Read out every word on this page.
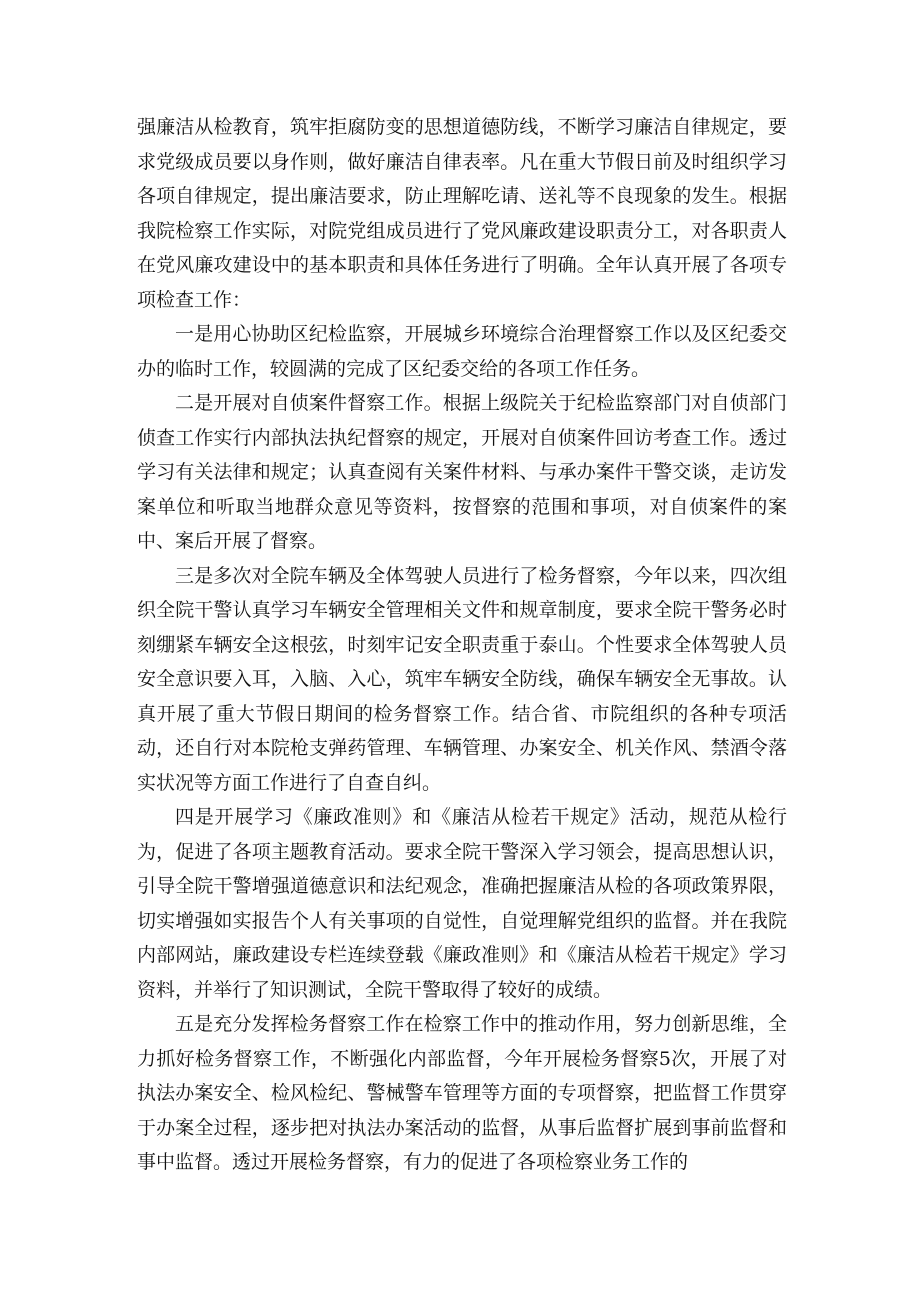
强廉洁从检教育，筑牢拒腐防变的思想道德防线，不断学习廉洁自律规定，要求党级成员要以身作则，做好廉洁自律表率。凡在重大节假日前及时组织学习各项自律规定，提出廉洁要求，防止理解吃请、送礼等不良现象的发生。根据我院检察工作实际，对院党组成员进行了党风廉政建设职责分工，对各职责人在党风廉攻建设中的基本职责和具体任务进行了明确。全年认真开展了各项专项检查工作：

一是用心协助区纪检监察，开展城乡环境综合治理督察工作以及区纪委交办的临时工作，较圆满的完成了区纪委交给的各项工作任务。

二是开展对自侦案件督察工作。根据上级院关于纪检监察部门对自侦部门侦查工作实行内部执法执纪督察的规定，开展对自侦案件回访考查工作。透过学习有关法律和规定；认真查阅有关案件材料、与承办案件干警交谈，走访发案单位和听取当地群众意见等资料，按督察的范围和事项，对自侦案件的案中、案后开展了督察。

三是多次对全院车辆及全体驾驶人员进行了检务督察，今年以来，四次组织全院干警认真学习车辆安全管理相关文件和规章制度，要求全院干警务必时刻绷紧车辆安全这根弦，时刻牢记安全职责重于泰山。个性要求全体驾驶人员安全意识要入耳，入脑、入心，筑牢车辆安全防线，确保车辆安全无事故。认真开展了重大节假日期间的检务督察工作。结合省、市院组织的各种专项活动，还自行对本院枪支弹药管理、车辆管理、办案安全、机关作风、禁酒令落实状况等方面工作进行了自查自纠。

四是开展学习《廉政准则》和《廉洁从检若干规定》活动，规范从检行为，促进了各项主题教育活动。要求全院干警深入学习领会，提高思想认识，引导全院干警增强道德意识和法纪观念，准确把握廉洁从检的各项政策界限，切实增强如实报告个人有关事项的自觉性，自觉理解党组织的监督。并在我院内部网站，廉政建设专栏连续登载《廉政准则》和《廉洁从检若干规定》学习资料，并举行了知识测试，全院干警取得了较好的成绩。

五是充分发挥检务督察工作在检察工作中的推动作用，努力创新思维，全力抓好检务督察工作，不断强化内部监督，今年开展检务督察5次，开展了对执法办案安全、检风检纪、警械警车管理等方面的专项督察，把监督工作贯穿于办案全过程，逐步把对执法办案活动的监督，从事后监督扩展到事前监督和事中监督。透过开展检务督察，有力的促进了各项检察业务工作的
